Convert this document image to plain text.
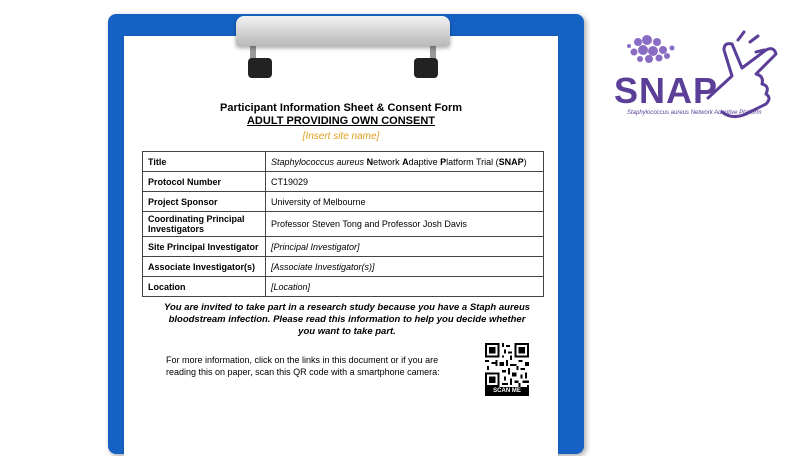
Participant Information Sheet & Consent Form
ADULT PROVIDING OWN CONSENT
[Insert site name]
Title	Staphylococcus aureus Network Adaptive Platform Trial (SNAP)
Protocol Number	CT19029
Project Sponsor	University of Melbourne
Coordinating Principal Investigators	Professor Steven Tong and Professor Josh Davis
Site Principal Investigator	[Principal Investigator]
Associate Investigator(s)	[Associate Investigator(s)]
Location	[Location]
You are invited to take part in a research study because you have a Staph aureus bloodstream infection. Please read this information to help you decide whether you want to take part.
For more information, click on the links in this document or if you are reading this on paper, scan this QR code with a smartphone camera:
SCAN ME
SNAP
Staphylococcus aureus Network Adaptive Platform
